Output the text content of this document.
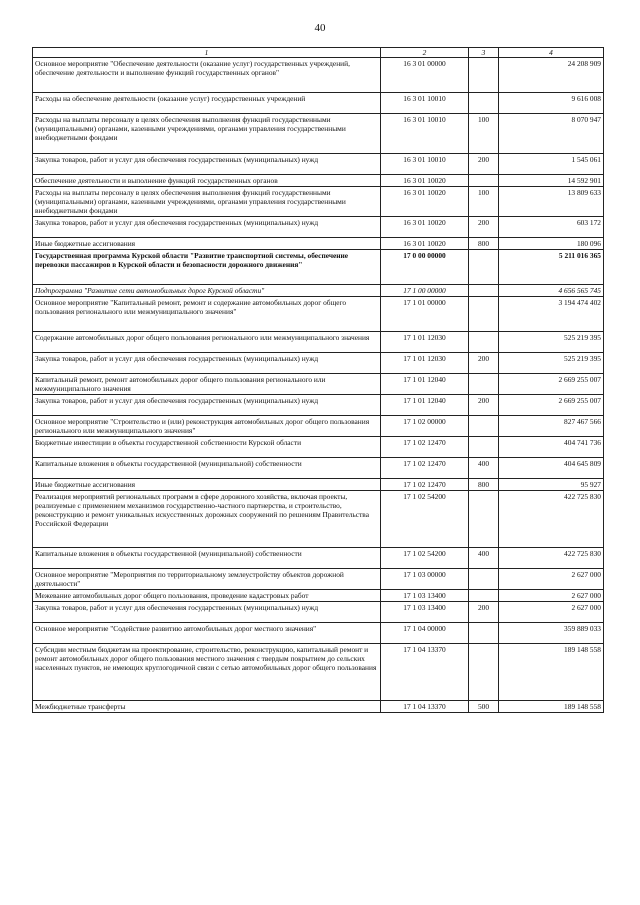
40
1	2	3	4
Основное мероприятие "Обеспечение деятельности (оказание услуг) государственных учреждений, обеспечение деятельности и выполнение функций государственных органов"	16 3 01 00000		24 208 909
Расходы на обеспечение деятельности (оказание услуг) государственных учреждений	16 3 01 10010		9 616 008
Расходы на выплаты персоналу в целях обеспечения выполнения функций государственными (муниципальными) органами, казенными учреждениями, органами управления государственными внебюджетными фондами	16 3 01 10010	100	8 070 947
Закупка товаров, работ и услуг для обеспечения государственных (муниципальных) нужд	16 3 01 10010	200	1 545 061
Обеспечение деятельности и выполнение функций государственных органов	16 3 01 10020		14 592 901
Расходы на выплаты персоналу в целях обеспечения выполнения функций государственными (муниципальными) органами, казенными учреждениями, органами управления государственными внебюджетными фондами	16 3 01 10020	100	13 809 633
Закупка товаров, работ и услуг для обеспечения государственных (муниципальных) нужд	16 3 01 10020	200	603 172
Иные бюджетные ассигнования	16 3 01 10020	800	180 096
Государственная программа Курской области "Развитие транспортной системы, обеспечение перевозки пассажиров в Курской области и безопасности дорожного движения"	17 0 00 00000		5 211 016 365
Подпрограмма "Развитие сети автомобильных дорог Курской области"	17 1 00 00000		4 656 565 745
Основное мероприятие "Капитальный ремонт, ремонт и содержание автомобильных дорог общего пользования регионального или межмуниципального значения"	17 1 01 00000		3 194 474 402
Содержание автомобильных дорог общего пользования регионального или межмуниципального значения	17 1 01 12030		525 219 395
Закупка товаров, работ и услуг для обеспечения государственных (муниципальных) нужд	17 1 01 12030	200	525 219 395
Капитальный ремонт, ремонт автомобильных дорог общего пользования регионального или межмуниципального значения	17 1 01 12040		2 669 255 007
Закупка товаров, работ и услуг для обеспечения государственных (муниципальных) нужд	17 1 01 12040	200	2 669 255 007
Основное мероприятие "Строительство и (или) реконструкция автомобильных дорог общего пользования регионального или межмуниципального значения"	17 1 02 00000		827 467 566
Бюджетные инвестиции в объекты государственной собственности Курской области	17 1 02 12470		404 741 736
Капитальные вложения в объекты государственной (муниципальной) собственности	17 1 02 12470	400	404 645 809
Иные бюджетные ассигнования	17 1 02 12470	800	95 927
Реализация мероприятий региональных программ в сфере дорожного хозяйства, включая проекты, реализуемые с применением механизмов государственно-частного партнерства, и строительство, реконструкцию и ремонт уникальных искусственных дорожных сооружений по решениям Правительства Российской Федерации	17 1 02 54200		422 725 830
Капитальные вложения в объекты государственной (муниципальной) собственности	17 1 02 54200	400	422 725 830
Основное мероприятие "Мероприятия по территориальному землеустройству объектов дорожной деятельности"	17 1 03 00000		2 627 000
Межевание автомобильных дорог общего пользования, проведение кадастровых работ	17 1 03 13400		2 627 000
Закупка товаров, работ и услуг для обеспечения государственных (муниципальных) нужд	17 1 03 13400	200	2 627 000
Основное мероприятие "Содействие развитию автомобильных дорог местного значения"	17 1 04 00000		359 889 033
Субсидии местным бюджетам на проектирование, строительство, реконструкцию, капитальный ремонт и ремонт автомобильных дорог общего пользования местного значения с твердым покрытием до сельских населенных пунктов, не имеющих круглогодичной связи с сетью автомобильных дорог общего пользования	17 1 04 13370		189 148 558
Межбюджетные трансферты	17 1 04 13370	500	189 148 558
